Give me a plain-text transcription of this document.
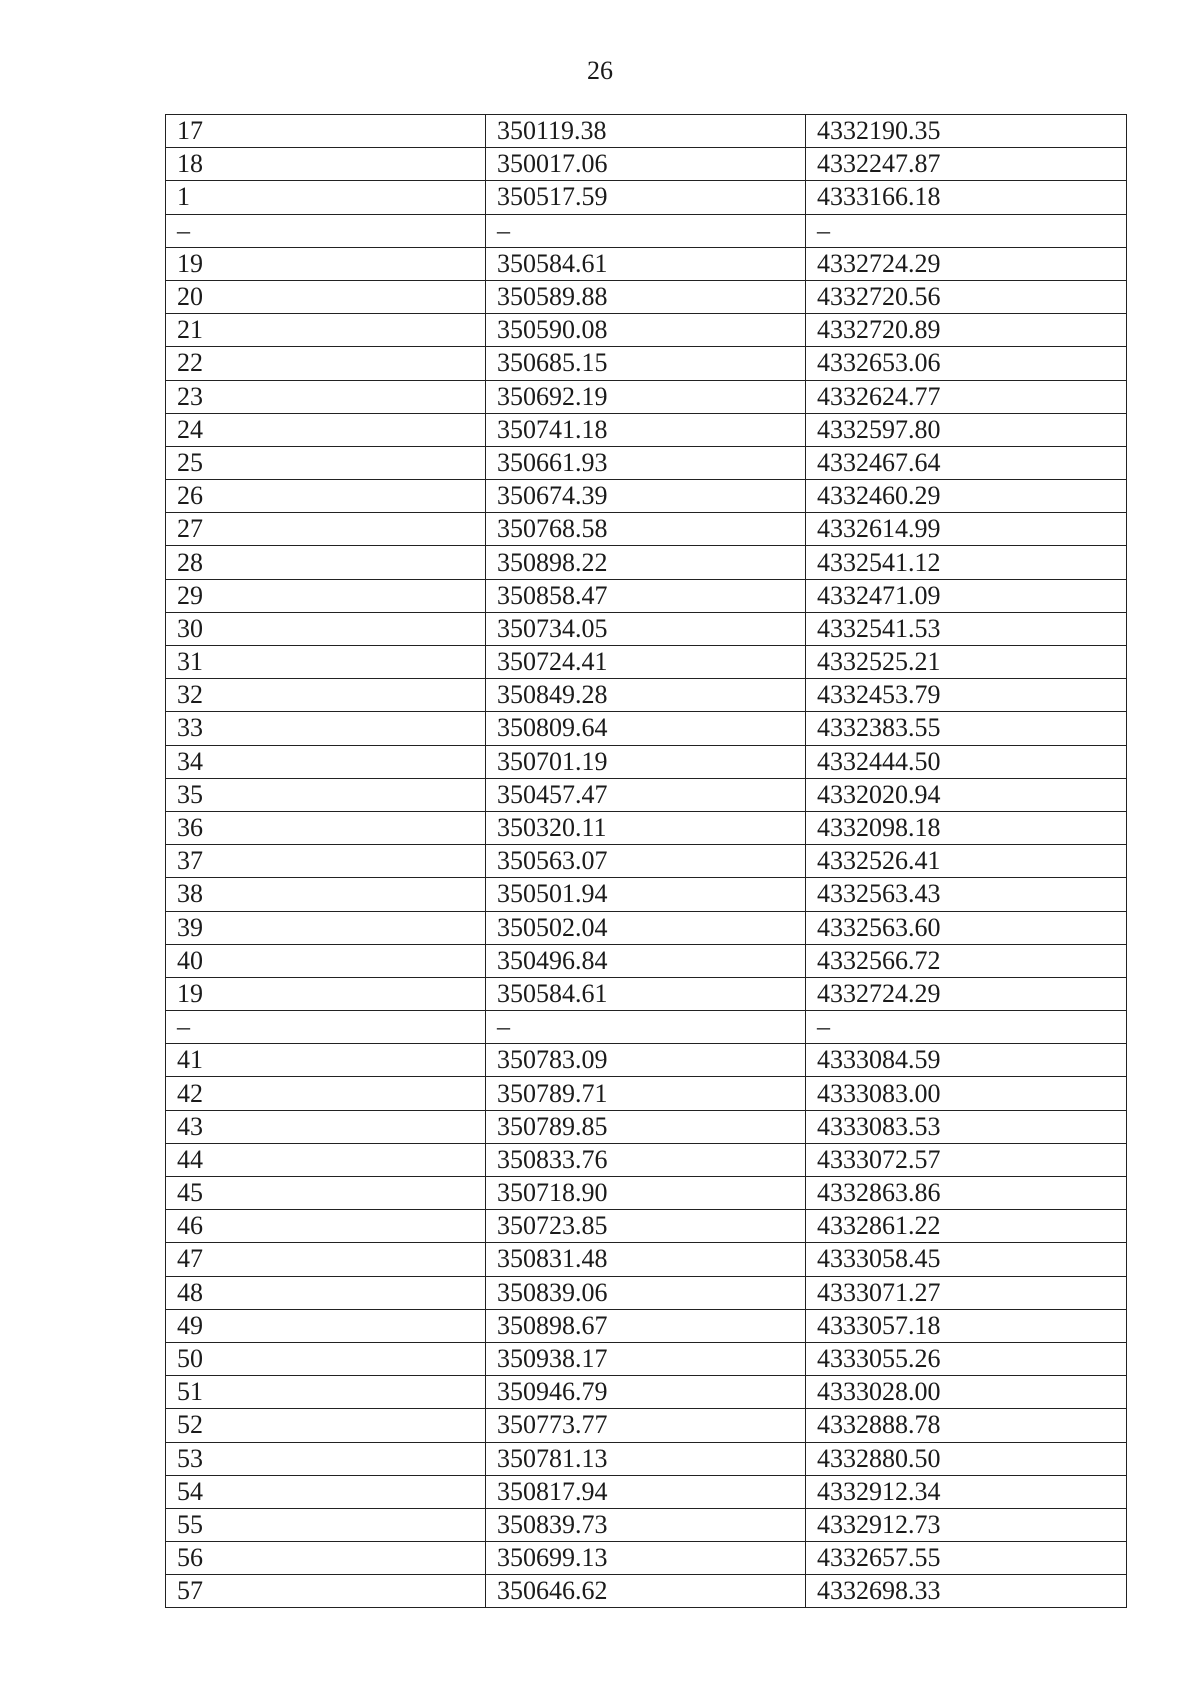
26
17	350119.38	4332190.35
18	350017.06	4332247.87
1	350517.59	4333166.18
–	–	–
19	350584.61	4332724.29
20	350589.88	4332720.56
21	350590.08	4332720.89
22	350685.15	4332653.06
23	350692.19	4332624.77
24	350741.18	4332597.80
25	350661.93	4332467.64
26	350674.39	4332460.29
27	350768.58	4332614.99
28	350898.22	4332541.12
29	350858.47	4332471.09
30	350734.05	4332541.53
31	350724.41	4332525.21
32	350849.28	4332453.79
33	350809.64	4332383.55
34	350701.19	4332444.50
35	350457.47	4332020.94
36	350320.11	4332098.18
37	350563.07	4332526.41
38	350501.94	4332563.43
39	350502.04	4332563.60
40	350496.84	4332566.72
19	350584.61	4332724.29
–	–	–
41	350783.09	4333084.59
42	350789.71	4333083.00
43	350789.85	4333083.53
44	350833.76	4333072.57
45	350718.90	4332863.86
46	350723.85	4332861.22
47	350831.48	4333058.45
48	350839.06	4333071.27
49	350898.67	4333057.18
50	350938.17	4333055.26
51	350946.79	4333028.00
52	350773.77	4332888.78
53	350781.13	4332880.50
54	350817.94	4332912.34
55	350839.73	4332912.73
56	350699.13	4332657.55
57	350646.62	4332698.33
